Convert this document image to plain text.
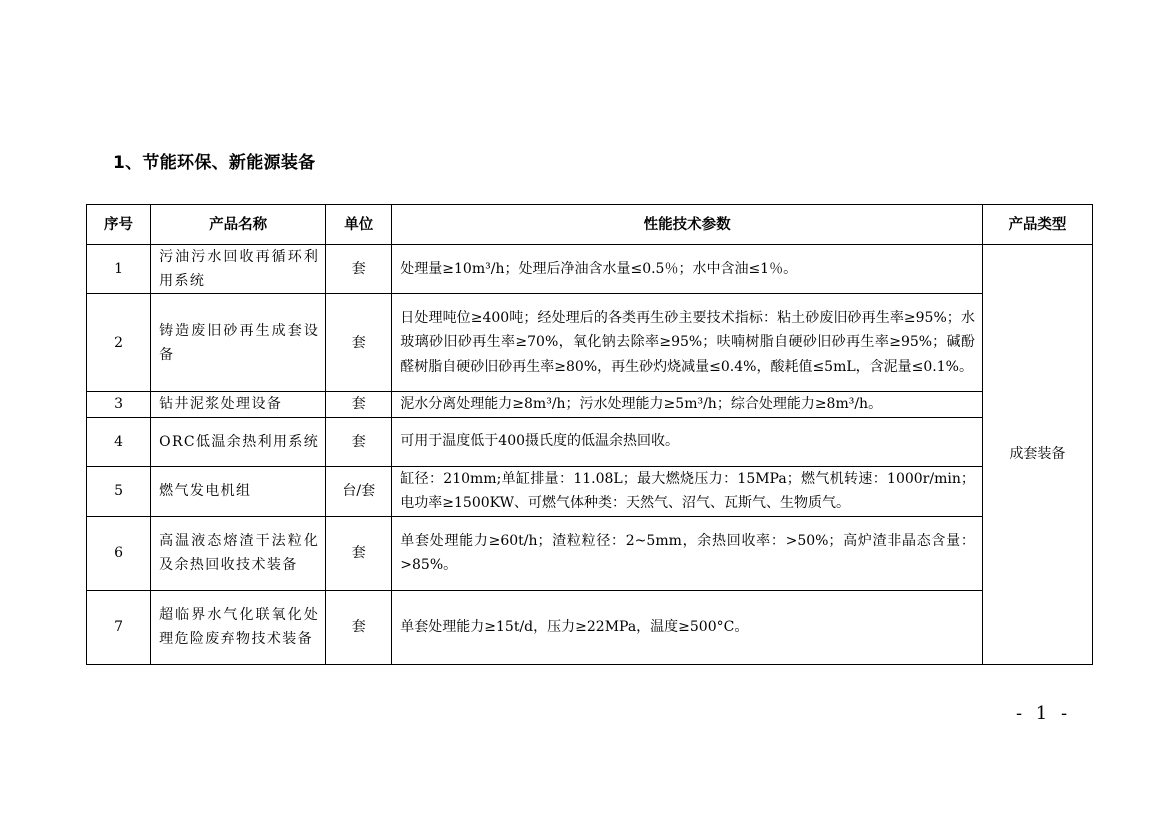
1、节能环保、新能源装备
序号	产品名称	单位	性能技术参数	产品类型
1	污油污水回收再循环利用系统	套	处理量≥10m³/h；处理后净油含水量≤0.5％；水中含油≤1％。	成套装备
2	铸造废旧砂再生成套设备	套	日处理吨位≥400吨；经处理后的各类再生砂主要技术指标：粘土砂废旧砂再生率≥95%；水玻璃砂旧砂再生率≥70%，氧化钠去除率≥95%；呋喃树脂自硬砂旧砂再生率≥95%；碱酚醛树脂自硬砂旧砂再生率≥80%，再生砂灼烧减量≤0.4%，酸耗值≤5mL，含泥量≤0.1%。	
3	钻井泥浆处理设备	套	泥水分离处理能力≥8m³/h；污水处理能力≥5m³/h；综合处理能力≥8m³/h。	
4	ORC低温余热利用系统	套	可用于温度低于400摄氏度的低温余热回收。	
5	燃气发电机组	台/套	缸径：210mm;单缸排量：11.08L；最大燃烧压力：15MPa；燃气机转速：1000r/min；电功率≥1500KW、可燃气体种类：天然气、沼气、瓦斯气、生物质气。	
6	高温液态熔渣干法粒化及余热回收技术装备	套	单套处理能力≥60t/h；渣粒粒径：2~5mm，余热回收率：>50%；高炉渣非晶态含量：>85%。	
7	超临界水气化联氧化处理危险废弃物技术装备	套	单套处理能力≥15t/d，压力≥22MPa，温度≥500°C。	
- 1 -
